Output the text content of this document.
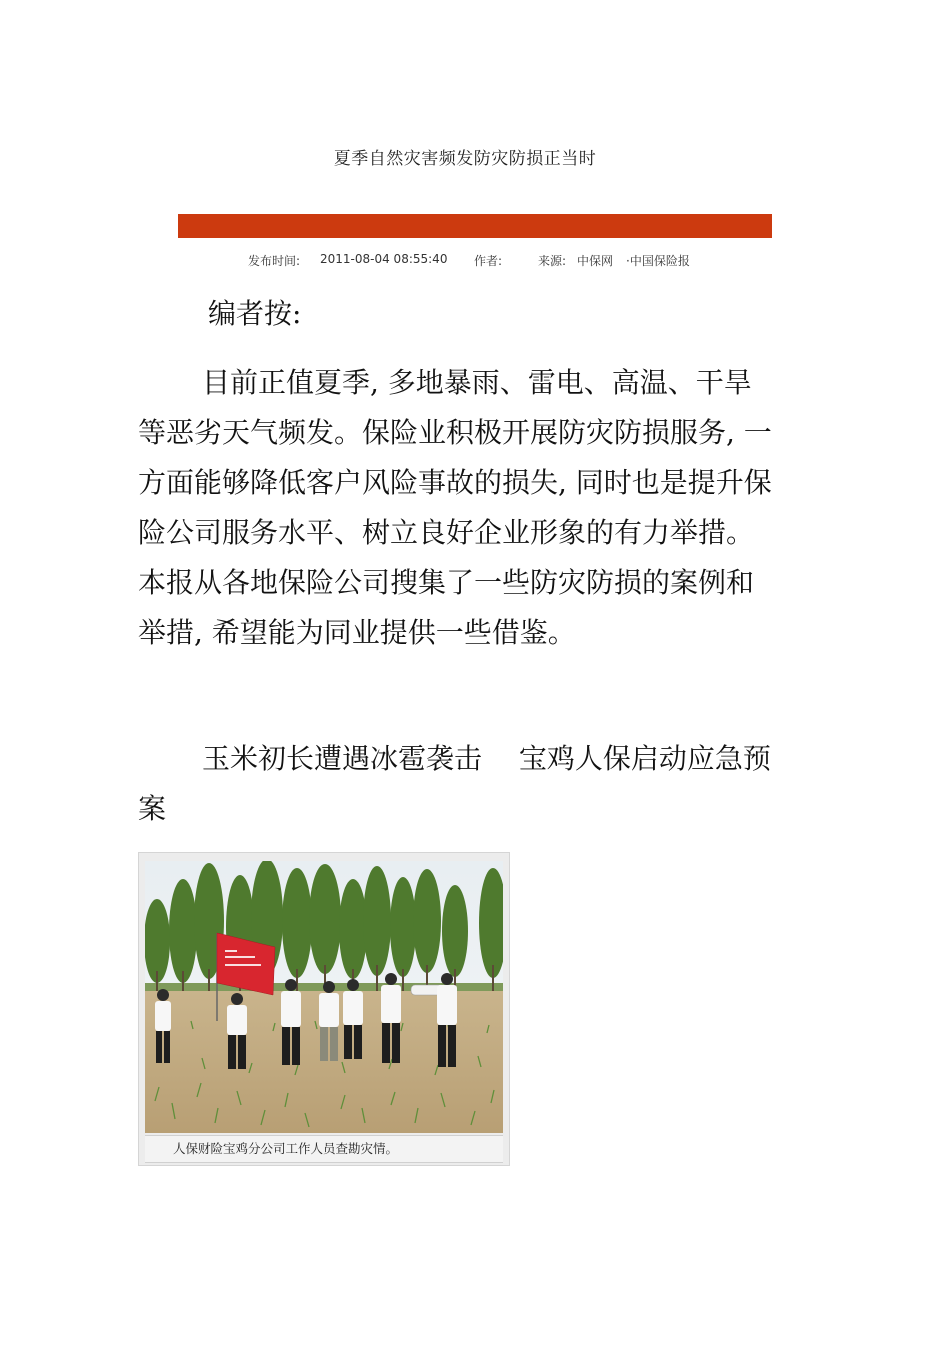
夏季自然灾害频发防灾防损正当时
发布时间: 2011-08-04 08:55:40 作者:	来源: 中保网 ·中国保险报
编者按:

目前正值夏季, 多地暴雨、雷电、高温、干旱等恶劣天气频发。保险业积极开展防灾防损服务, 一方面能够降低客户风险事故的损失, 同时也是提升保险公司服务水平、树立良好企业形象的有力举措。本报从各地保险公司搜集了一些防灾防损的案例和举措, 希望能为同业提供一些借鉴。

玉米初长遭遇冰雹袭击　 宝鸡人保启动应急预案

人保财险宝鸡分公司工作人员查勘灾情。
